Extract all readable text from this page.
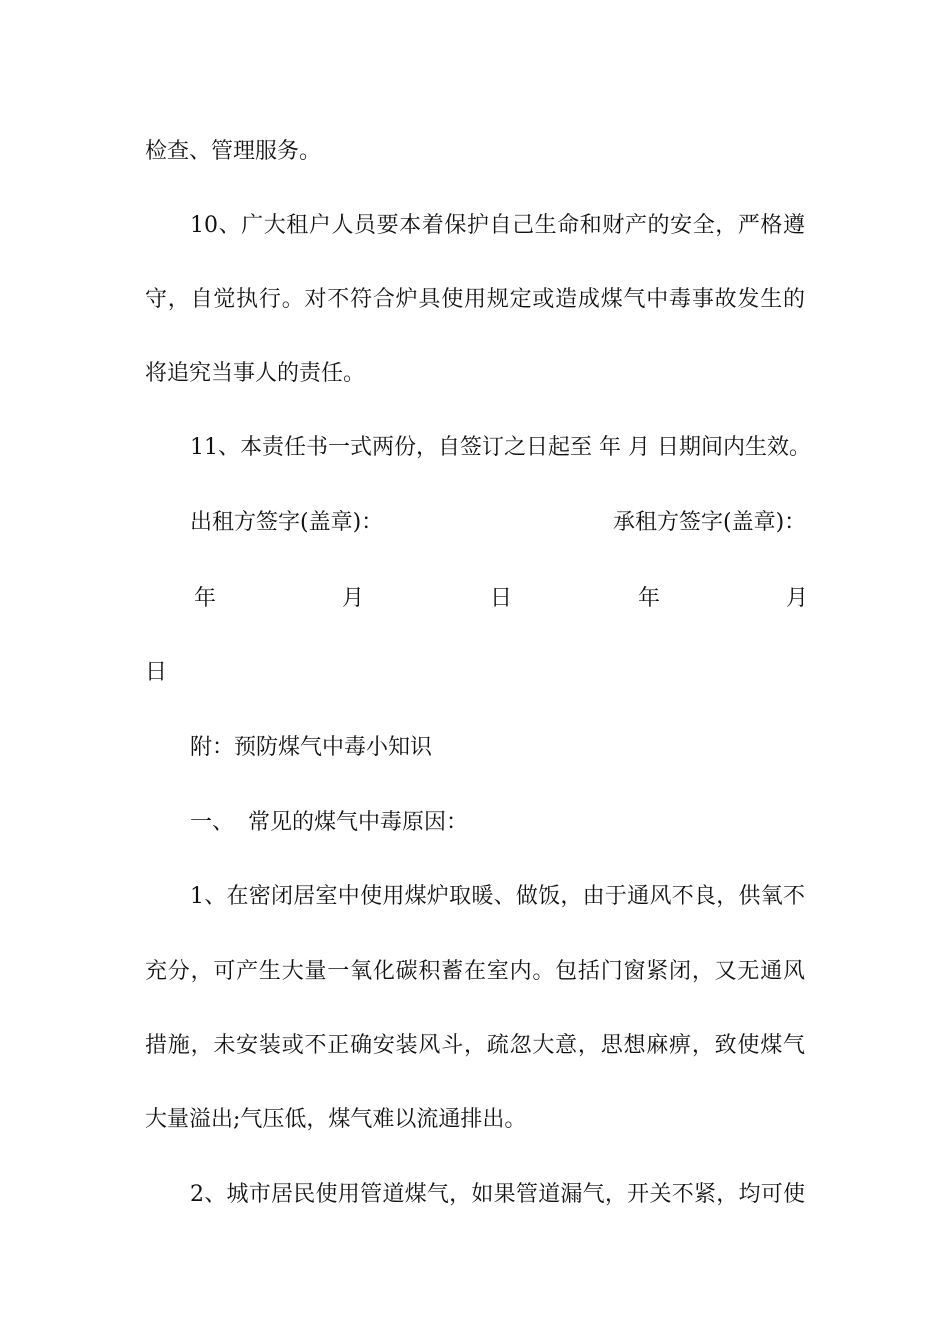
检查、管理服务。

10、广大租户人员要本着保护自己生命和财产的安全，严格遵

守，自觉执行。对不符合炉具使用规定或造成煤气中毒事故发生的

将追究当事人的责任。

11、本责任书一式两份，自签订之日起至 年 月 日期间内生效。

出租方签字(盖章)：	承租方签字(盖章)：

年	月	日	年	月
日

附：预防煤气中毒小知识

一、  常见的煤气中毒原因：

1、在密闭居室中使用煤炉取暖、做饭，由于通风不良，供氧不

充分，可产生大量一氧化碳积蓄在室内。包括门窗紧闭，又无通风

措施，未安装或不正确安装风斗，疏忽大意，思想麻痹，致使煤气

大量溢出;气压低，煤气难以流通排出。

2、城市居民使用管道煤气，如果管道漏气，开关不紧，均可使
